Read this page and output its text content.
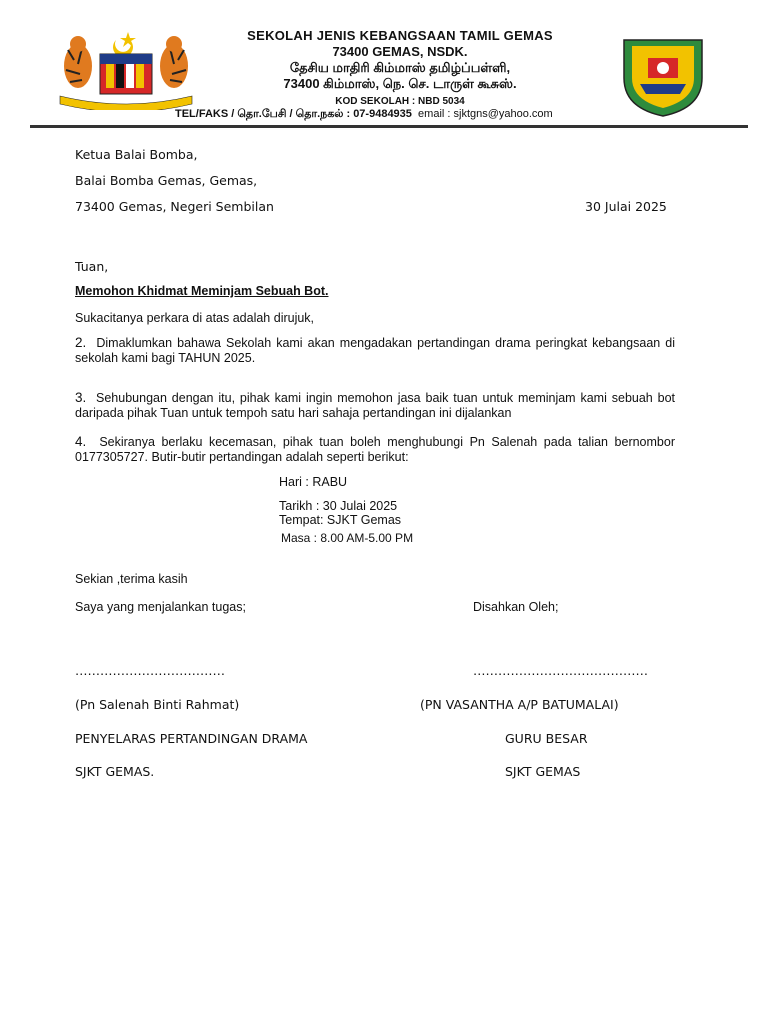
SEKOLAH JENIS KEBANGSAAN TAMIL GEMAS
73400 GEMAS, NSDK.
தேசிய மாதிரி கிம்மாஸ் தமிழ்ப்பள்ளி,
73400 கிம்மாஸ், நெ. செ. டாருள் கூசுஸ்.
KOD SEKOLAH : NBD 5034
TEL/FAKS / தொ.பேசி / தொ.நகல் : 07-9484935 email : sjktgns@yahoo.com
Ketua Balai Bomba,
Balai Bomba Gemas, Gemas,
73400 Gemas, Negeri Sembilan	30 Julai 2025
Tuan,
Memohon Khidmat Meminjam Sebuah Bot.
Sukacitanya perkara di atas adalah dirujuk,
2. Dimaklumkan bahawa Sekolah kami akan mengadakan pertandingan drama peringkat kebangsaan di sekolah kami bagi TAHUN 2025.
3. Sehubungan dengan itu, pihak kami ingin memohon jasa baik tuan untuk meminjam kami sebuah bot daripada pihak Tuan untuk tempoh satu hari sahaja pertandingan ini dijalankan
4. Sekiranya berlaku kecemasan, pihak tuan boleh menghubungi Pn Salenah pada talian bernombor 0177305727. Butir-butir pertandingan adalah seperti berikut:
Hari : RABU
Tarikh : 30 Julai 2025
Tempat: SJKT Gemas
Masa : 8.00 AM-5.00 PM
Sekian ,terima kasih
Saya yang menjalankan tugas;	Disahkan Oleh;
………………………………	……………………………………
(Pn Salenah Binti Rahmat)	(PN VASANTHA A/P BATUMALAI)
PENYELARAS PERTANDINGAN DRAMA	GURU BESAR
SJKT GEMAS.	SJKT GEMAS
